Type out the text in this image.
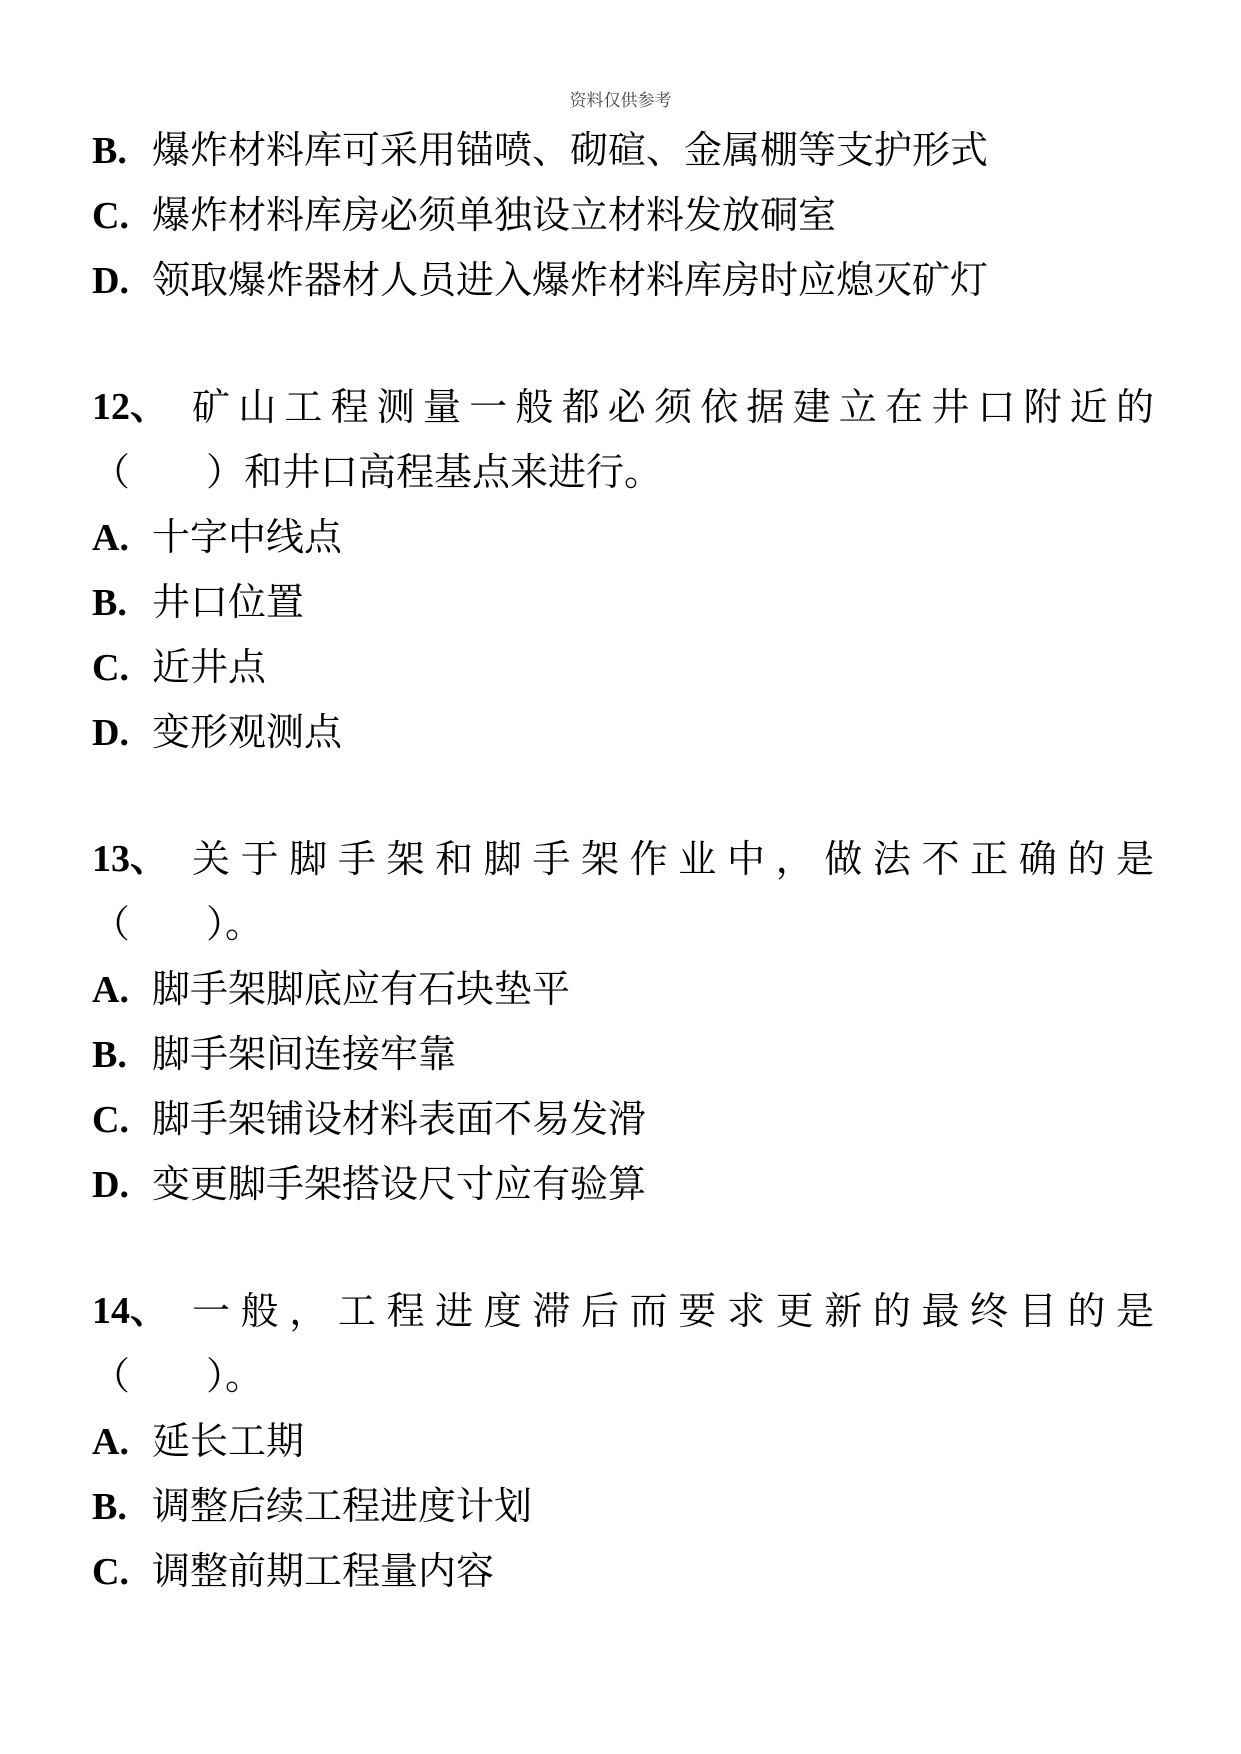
资料仅供参考
B. 爆炸材料库可采用锚喷、砌碹、金属棚等支护形式
C. 爆炸材料库房必须单独设立材料发放硐室
D. 领取爆炸器材人员进入爆炸材料库房时应熄灭矿灯
12、 矿山工程测量一般都必须依据建立在井口附近的
（　　）和井口高程基点来进行。
A. 十字中线点
B. 井口位置
C. 近井点
D. 变形观测点
13、 关于脚手架和脚手架作业中，做法不正确的是
（　　）。
A. 脚手架脚底应有石块垫平
B. 脚手架间连接牢靠
C. 脚手架铺设材料表面不易发滑
D. 变更脚手架搭设尺寸应有验算
14、 一般，工程进度滞后而要求更新的最终目的是
（　　）。
A. 延长工期
B. 调整后续工程进度计划
C. 调整前期工程量内容
